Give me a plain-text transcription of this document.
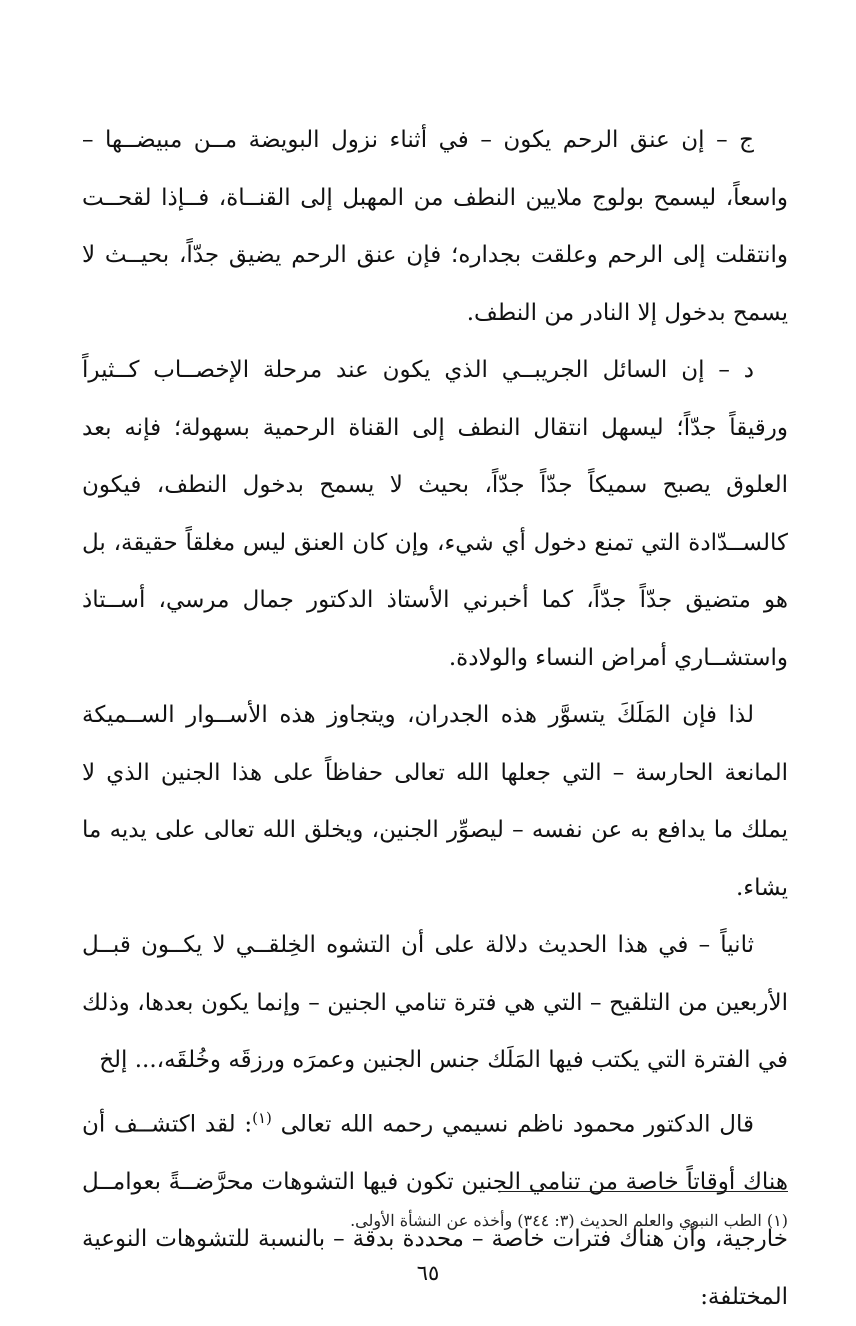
ج – إن عنق الرحم يكون – في أثناء نزول البويضة مــن مبيضــها – واسعاً، ليسمح بولوج ملايين النطف من المهبل إلى القنــاة، فــإذا لقحــت وانتقلت إلى الرحم وعلقت بجداره؛ فإن عنق الرحم يضيق جدّاً، بحيــث لا يسمح بدخول إلا النادر من النطف.

د – إن السائل الجريبــي الذي يكون عند مرحلة الإخصــاب كــثيراً ورقيقاً جدّاً؛ ليسهل انتقال النطف إلى القناة الرحمية بسهولة؛ فإنه بعد العلوق يصبح سميكاً جدّاً جدّاً، بحيث لا يسمح بدخول النطف، فيكون كالســدّادة التي تمنع دخول أي شيء، وإن كان العنق ليس مغلقاً حقيقة، بل هو متضيق جدّاً جدّاً، كما أخبرني الأستاذ الدكتور جمال مرسي، أســتاذ واستشــاري أمراض النساء والولادة.

لذا فإن المَلَكَ يتسوَّر هذه الجدران، ويتجاوز هذه الأســوار الســميكة المانعة الحارسة – التي جعلها الله تعالى حفاظاً على هذا الجنين الذي لا يملك ما يدافع به عن نفسه – ليصوِّر الجنين، ويخلق الله تعالى على يديه ما يشاء.

ثانياً – في هذا الحديث دلالة على أن التشوه الخِلقــي لا يكــون قبــل الأربعين من التلقيح – التي هي فترة تنامي الجنين – وإنما يكون بعدها، وذلك في الفترة التي يكتب فيها المَلَك جنس الجنين وعمرَه ورزقَه وخُلقَه،... إلخ

قال الدكتور محمود ناظم نسيمي رحمه الله تعالى $^{(١)}$: لقد اكتشــف أن هناك أوقاتاً خاصة من تنامي الجنين تكون فيها التشوهات محرَّضــةً بعوامــل خارجية، وأن هناك فترات خاصة – محددة بدقة – بالنسبة للتشوهات النوعية المختلفة:

(١) الطب النبوي والعلم الحديث (٣: ٣٤٤) وأخذه عن النشأة الأولى.
٦٥
